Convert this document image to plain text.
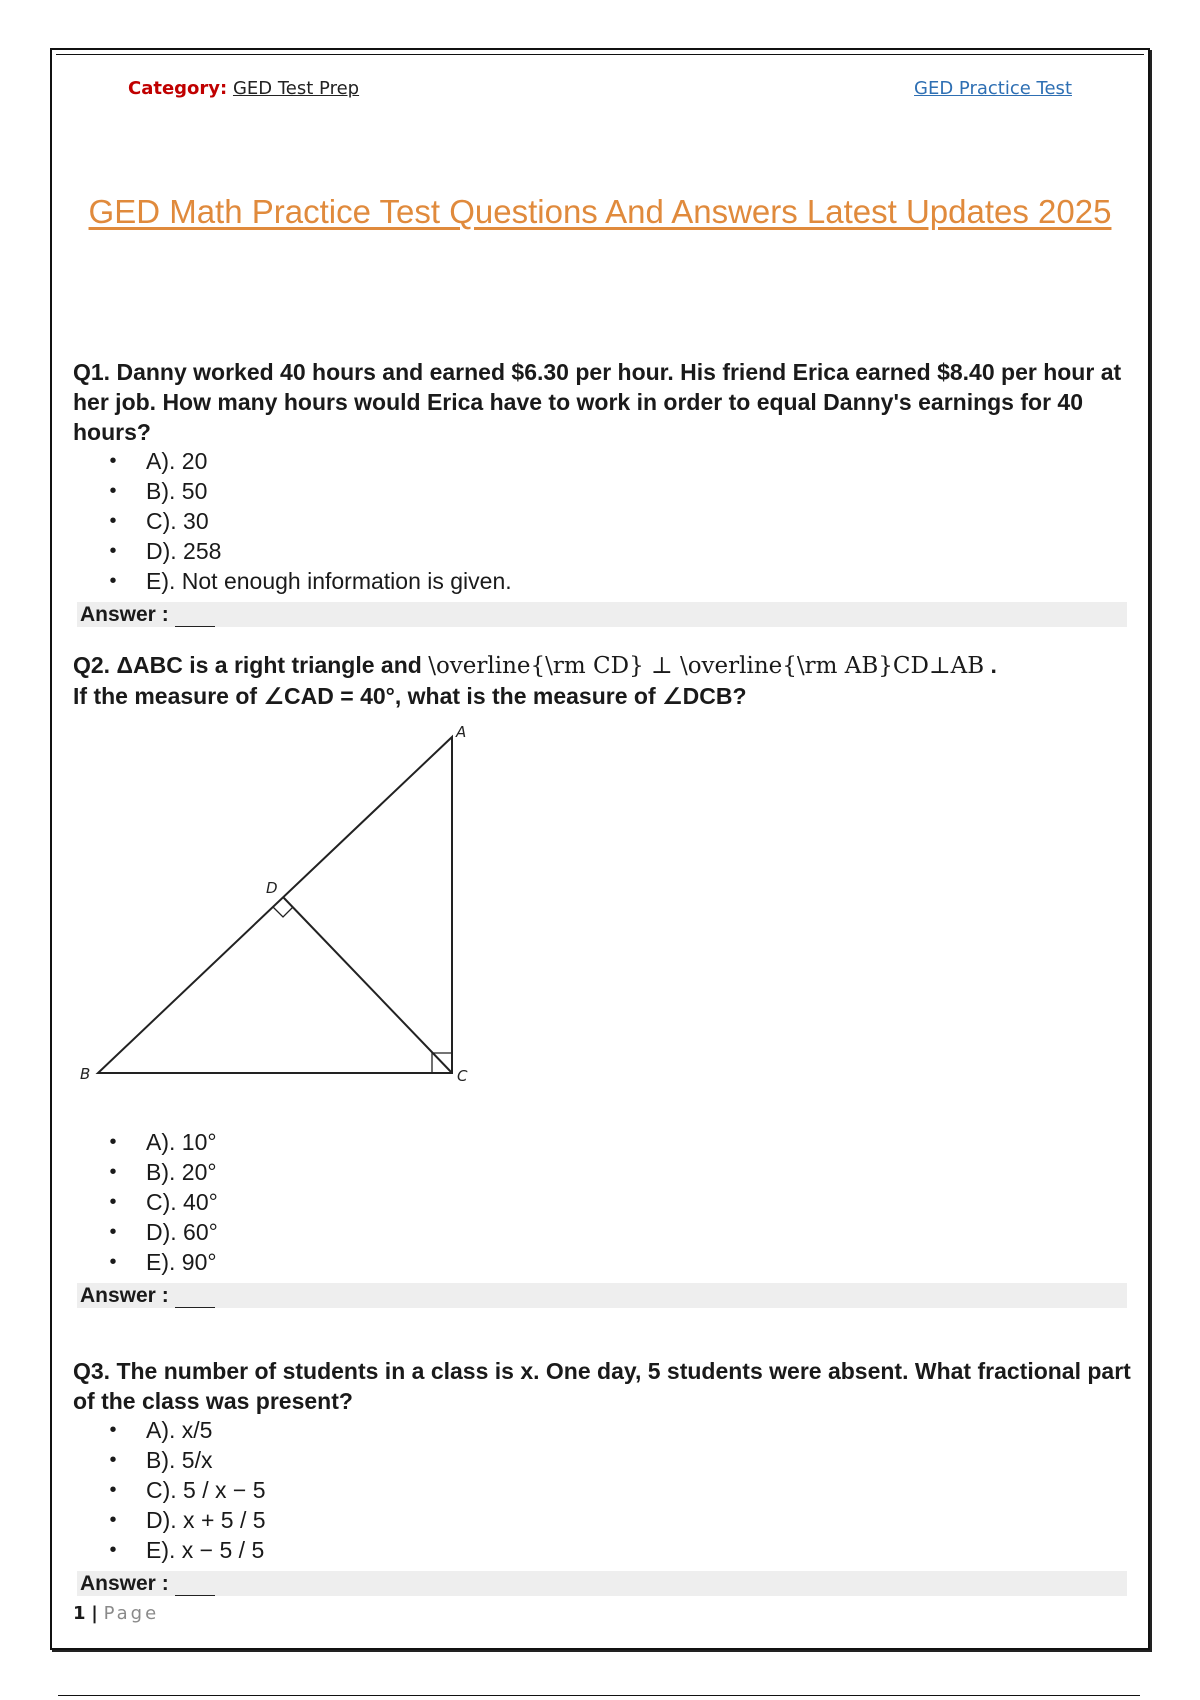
Category: GED Test Prep	GED Practice Test
GED Math Practice Test Questions And Answers Latest Updates 2025
Q1. Danny worked 40 hours and earned $6.30 per hour. His friend Erica earned $8.40 per hour at her job. How many hours would Erica have to work in order to equal Danny's earnings for 40 hours?
• A). 20
• B). 50
• C). 30
• D). 258
• E). Not enough information is given.
Answer :
Q2. ΔABC is a right triangle and \overline{\rm CD} ⊥ \overline{\rm AB}CD⊥AB .
If the measure of ∠CAD = 40°, what is the measure of ∠DCB?
A
B	C
D
• A). 10°
• B). 20°
• C). 40°
• D). 60°
• E). 90°
Answer :
Q3. The number of students in a class is x. One day, 5 students were absent. What fractional part of the class was present?
• A). x/5
• B). 5/x
• C). 5 / x − 5
• D). x + 5 / 5
• E). x − 5 / 5
Answer :
1 | Page
